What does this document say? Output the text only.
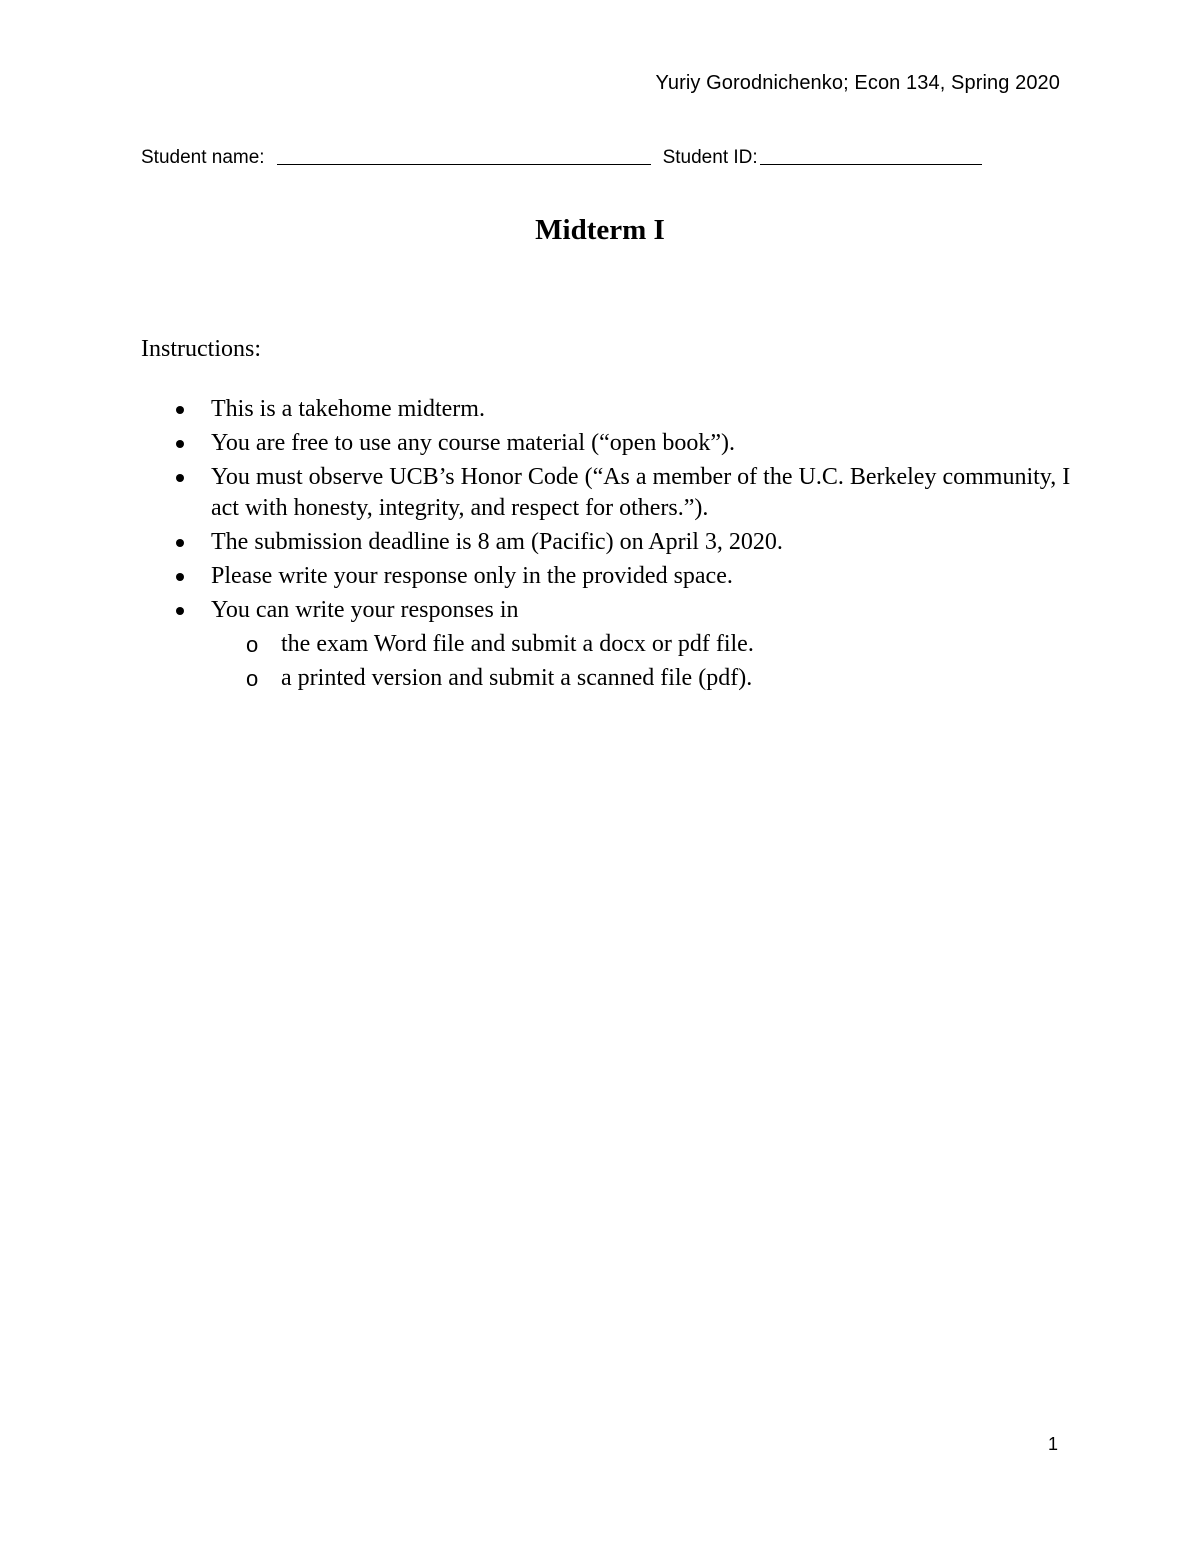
Yuriy Gorodnichenko; Econ 134, Spring 2020
Student name:	Student ID:
Midterm I
Instructions:
This is a takehome midterm.
You are free to use any course material (“open book”).
You must observe UCB’s Honor Code (“As a member of the U.C. Berkeley community, I act with honesty, integrity, and respect for others.”).
The submission deadline is 8 am (Pacific) on April 3, 2020.
Please write your response only in the provided space.
You can write your responses in
o the exam Word file and submit a docx or pdf file.
o a printed version and submit a scanned file (pdf).
1
